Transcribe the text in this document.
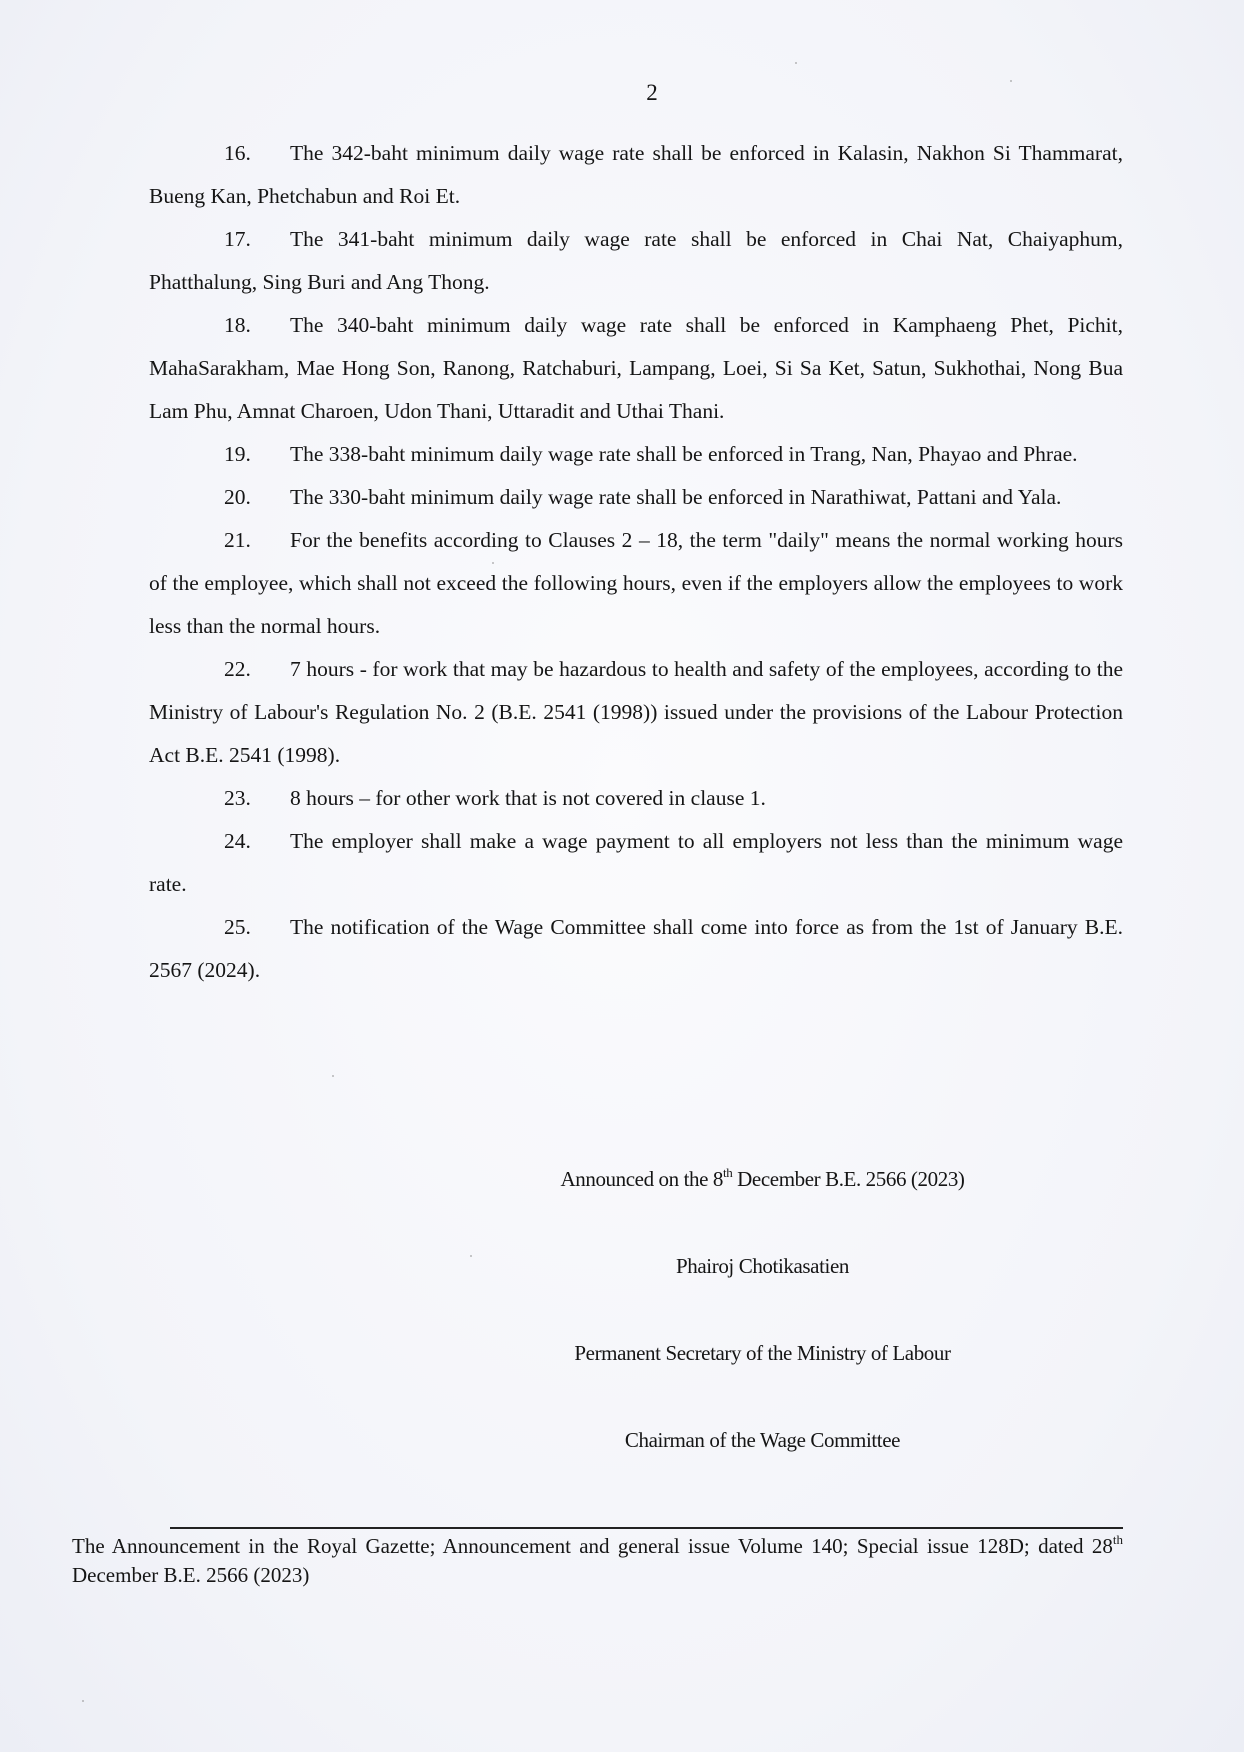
2

16. The 342-baht minimum daily wage rate shall be enforced in Kalasin, Nakhon Si Thammarat, Bueng Kan, Phetchabun and Roi Et.

17. The 341-baht minimum daily wage rate shall be enforced in Chai Nat, Chaiyaphum, Phatthalung, Sing Buri and Ang Thong.

18. The 340-baht minimum daily wage rate shall be enforced in Kamphaeng Phet, Pichit, MahaSarakham, Mae Hong Son, Ranong, Ratchaburi, Lampang, Loei, Si Sa Ket, Satun, Sukhothai, Nong Bua Lam Phu, Amnat Charoen, Udon Thani, Uttaradit and Uthai Thani.

19. The 338-baht minimum daily wage rate shall be enforced in Trang, Nan, Phayao and Phrae.

20. The 330-baht minimum daily wage rate shall be enforced in Narathiwat, Pattani and Yala.

21. For the benefits according to Clauses 2 – 18, the term "daily" means the normal working hours of the employee, which shall not exceed the following hours, even if the employers allow the employees to work less than the normal hours.

22. 7 hours - for work that may be hazardous to health and safety of the employees, according to the Ministry of Labour's Regulation No. 2 (B.E. 2541 (1998)) issued under the provisions of the Labour Protection Act B.E. 2541 (1998).

23. 8 hours – for other work that is not covered in clause 1.

24. The employer shall make a wage payment to all employers not less than the minimum wage rate.

25. The notification of the Wage Committee shall come into force as from the 1st of January B.E. 2567 (2024).

Announced on the 8th December B.E. 2566 (2023)
Phairoj Chotikasatien
Permanent Secretary of the Ministry of Labour
Chairman of the Wage Committee
The Announcement in the Royal Gazette; Announcement and general issue Volume 140; Special issue 128D; dated 28th December B.E. 2566 (2023)
